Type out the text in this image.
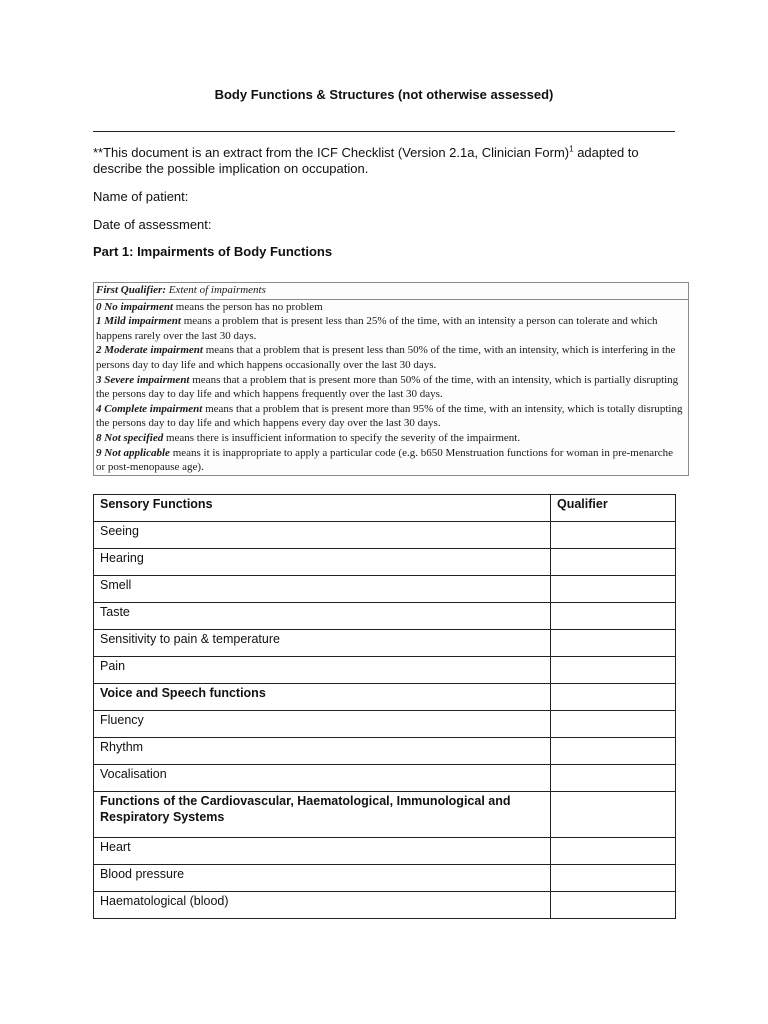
Body Functions & Structures (not otherwise assessed)
**This document is an extract from the ICF Checklist (Version 2.1a, Clinician Form)$^1$ adapted to describe the possible implication on occupation.
Name of patient:
Date of assessment:
Part 1: Impairments of Body Functions
First Qualifier: Extent of impairments
0 No impairment means the person has no problem
1 Mild impairment means a problem that is present less than 25% of the time, with an intensity a person can tolerate and which happens rarely over the last 30 days.
2 Moderate impairment means that a problem that is present less than 50% of the time, with an intensity, which is interfering in the persons day to day life and which happens occasionally over the last 30 days.
3 Severe impairment means that a problem that is present more than 50% of the time, with an intensity, which is partially disrupting the persons day to day life and which happens frequently over the last 30 days.
4 Complete impairment means that a problem that is present more than 95% of the time, with an intensity, which is totally disrupting the persons day to day life and which happens every day over the last 30 days.
8 Not specified means there is insufficient information to specify the severity of the impairment.
9 Not applicable means it is inappropriate to apply a particular code (e.g. b650 Menstruation functions for woman in pre-menarche or post-menopause age).
Sensory Functions	Qualifier
Seeing	
Hearing	
Smell	
Taste	
Sensitivity to pain & temperature	
Pain	
Voice and Speech functions	
Fluency	
Rhythm	
Vocalisation	
Functions of the Cardiovascular, Haematological, Immunological and Respiratory Systems	
Heart	
Blood pressure	
Haematological (blood)	
